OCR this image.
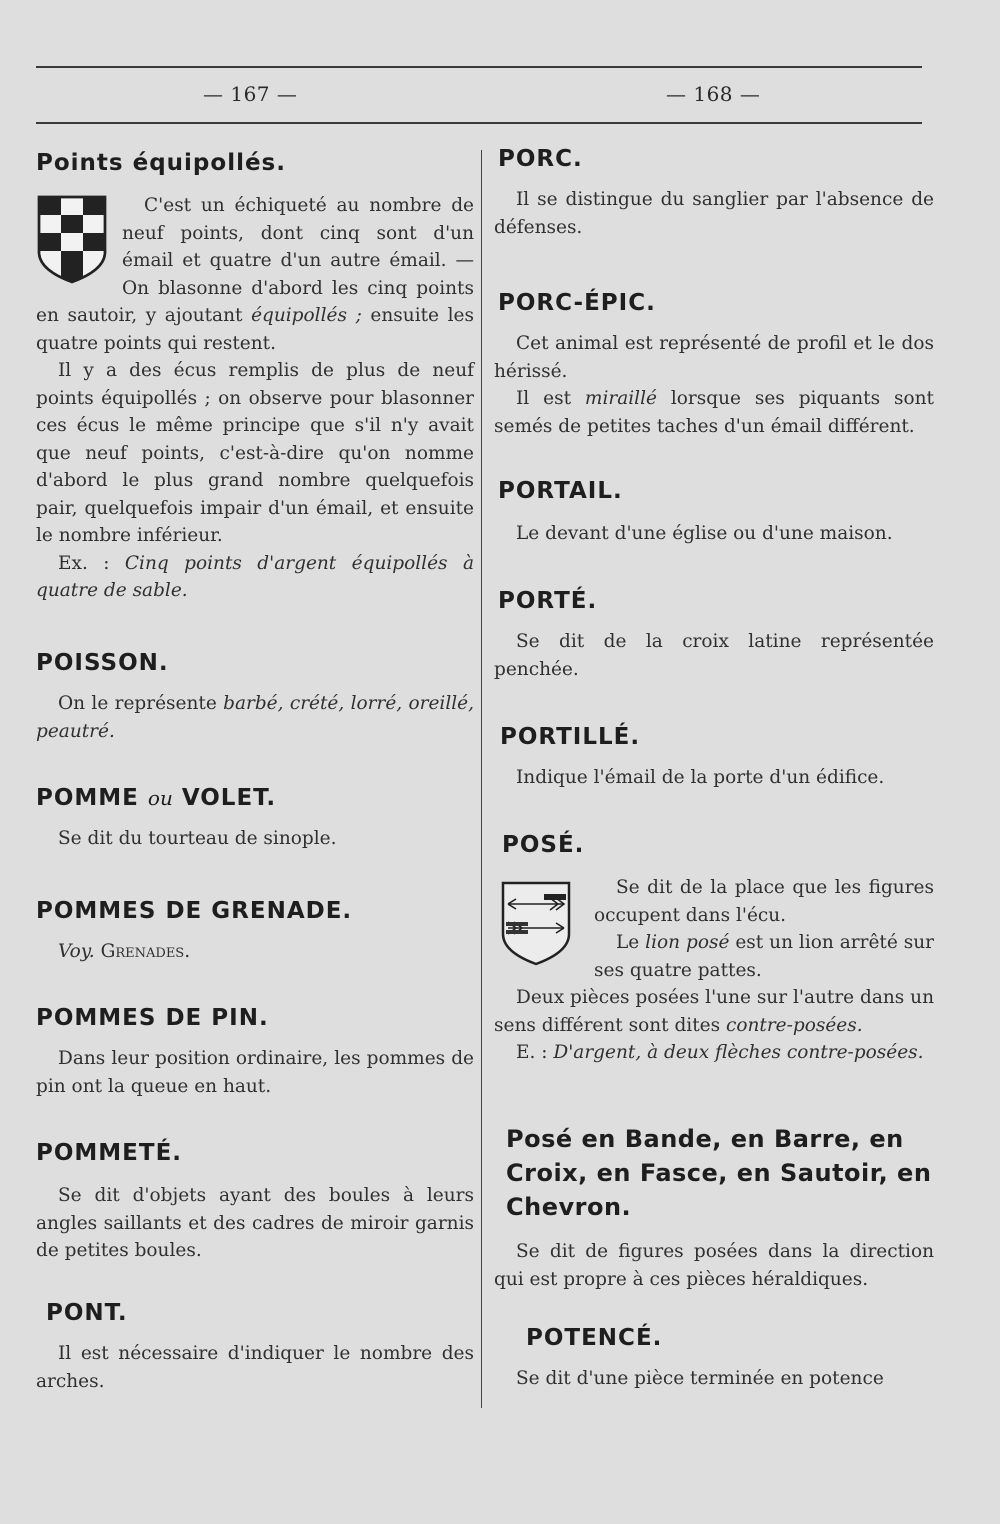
— 167 —	— 168 —
Points équipollés.

C'est un échiqueté au nombre de neuf points, dont cinq sont d'un émail et quatre d'un autre émail. — On blasonne d'abord les cinq points en sautoir, y ajoutant équipollés ; ensuite les quatre points qui restent.

Il y a des écus remplis de plus de neuf points équipollés ; on observe pour blasonner ces écus le même principe que s'il n'y avait que neuf points, c'est-à-dire qu'on nomme d'abord le plus grand nombre quelquefois pair, quelquefois impair d'un émail, et ensuite le nombre inférieur.

Ex. : Cinq points d'argent équipollés à quatre de sable.

POISSON.

On le représente barbé, crété, lorré, oreillé, peautré.

POMME ou VOLET.

Se dit du tourteau de sinople.

POMMES DE GRENADE.

Voy. Grenades.

POMMES DE PIN.

Dans leur position ordinaire, les pommes de pin ont la queue en haut.

POMMETÉ.

Se dit d'objets ayant des boules à leurs angles saillants et des cadres de miroir garnis de petites boules.

PONT.

Il est nécessaire d'indiquer le nombre des arches.

PORC.

Il se distingue du sanglier par l'absence de défenses.

PORC-ÉPIC.

Cet animal est représenté de profil et le dos hérissé.

Il est miraillé lorsque ses piquants sont semés de petites taches d'un émail différent.

PORTAIL.

Le devant d'une église ou d'une maison.

PORTÉ.

Se dit de la croix latine représentée penchée.

PORTILLÉ.

Indique l'émail de la porte d'un édifice.

POSÉ.

Se dit de la place que les figures occupent dans l'écu.

Le lion posé est un lion arrêté sur ses quatre pattes.

Deux pièces posées l'une sur l'autre dans un sens différent sont dites contre-posées.

E. : D'argent, à deux flèches contre-posées.

Posé en Bande, en Barre, en Croix, en Fasce, en Sautoir, en Chevron.

Se dit de figures posées dans la direction qui est propre à ces pièces héraldiques.

POTENCÉ.

Se dit d'une pièce terminée en potence
